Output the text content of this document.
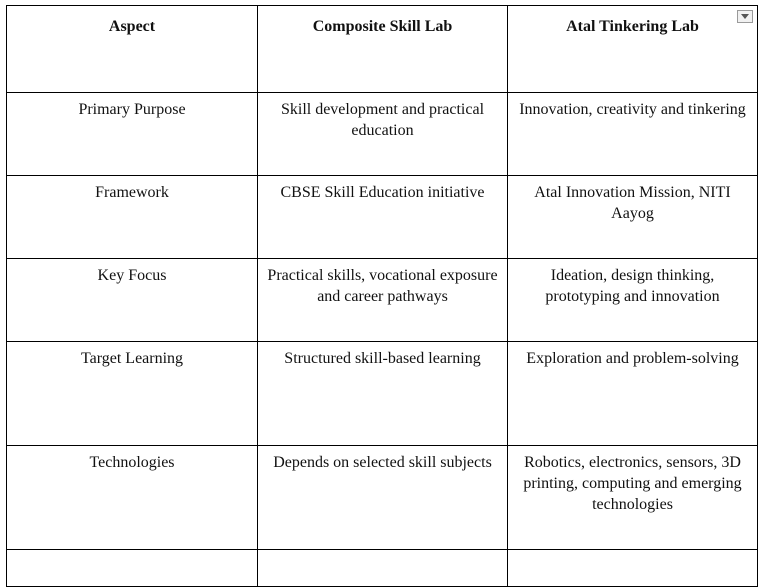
Aspect	Composite Skill Lab	Atal Tinkering Lab
Primary Purpose	Skill development and practical education	Innovation, creativity and tinkering
Framework	CBSE Skill Education initiative	Atal Innovation Mission, NITI Aayog
Key Focus	Practical skills, vocational exposure and career pathways	Ideation, design thinking, prototyping and innovation
Target Learning	Structured skill-based learning	Exploration and problem-solving
Technologies	Depends on selected skill subjects	Robotics, electronics, sensors, 3D printing, computing and emerging technologies
